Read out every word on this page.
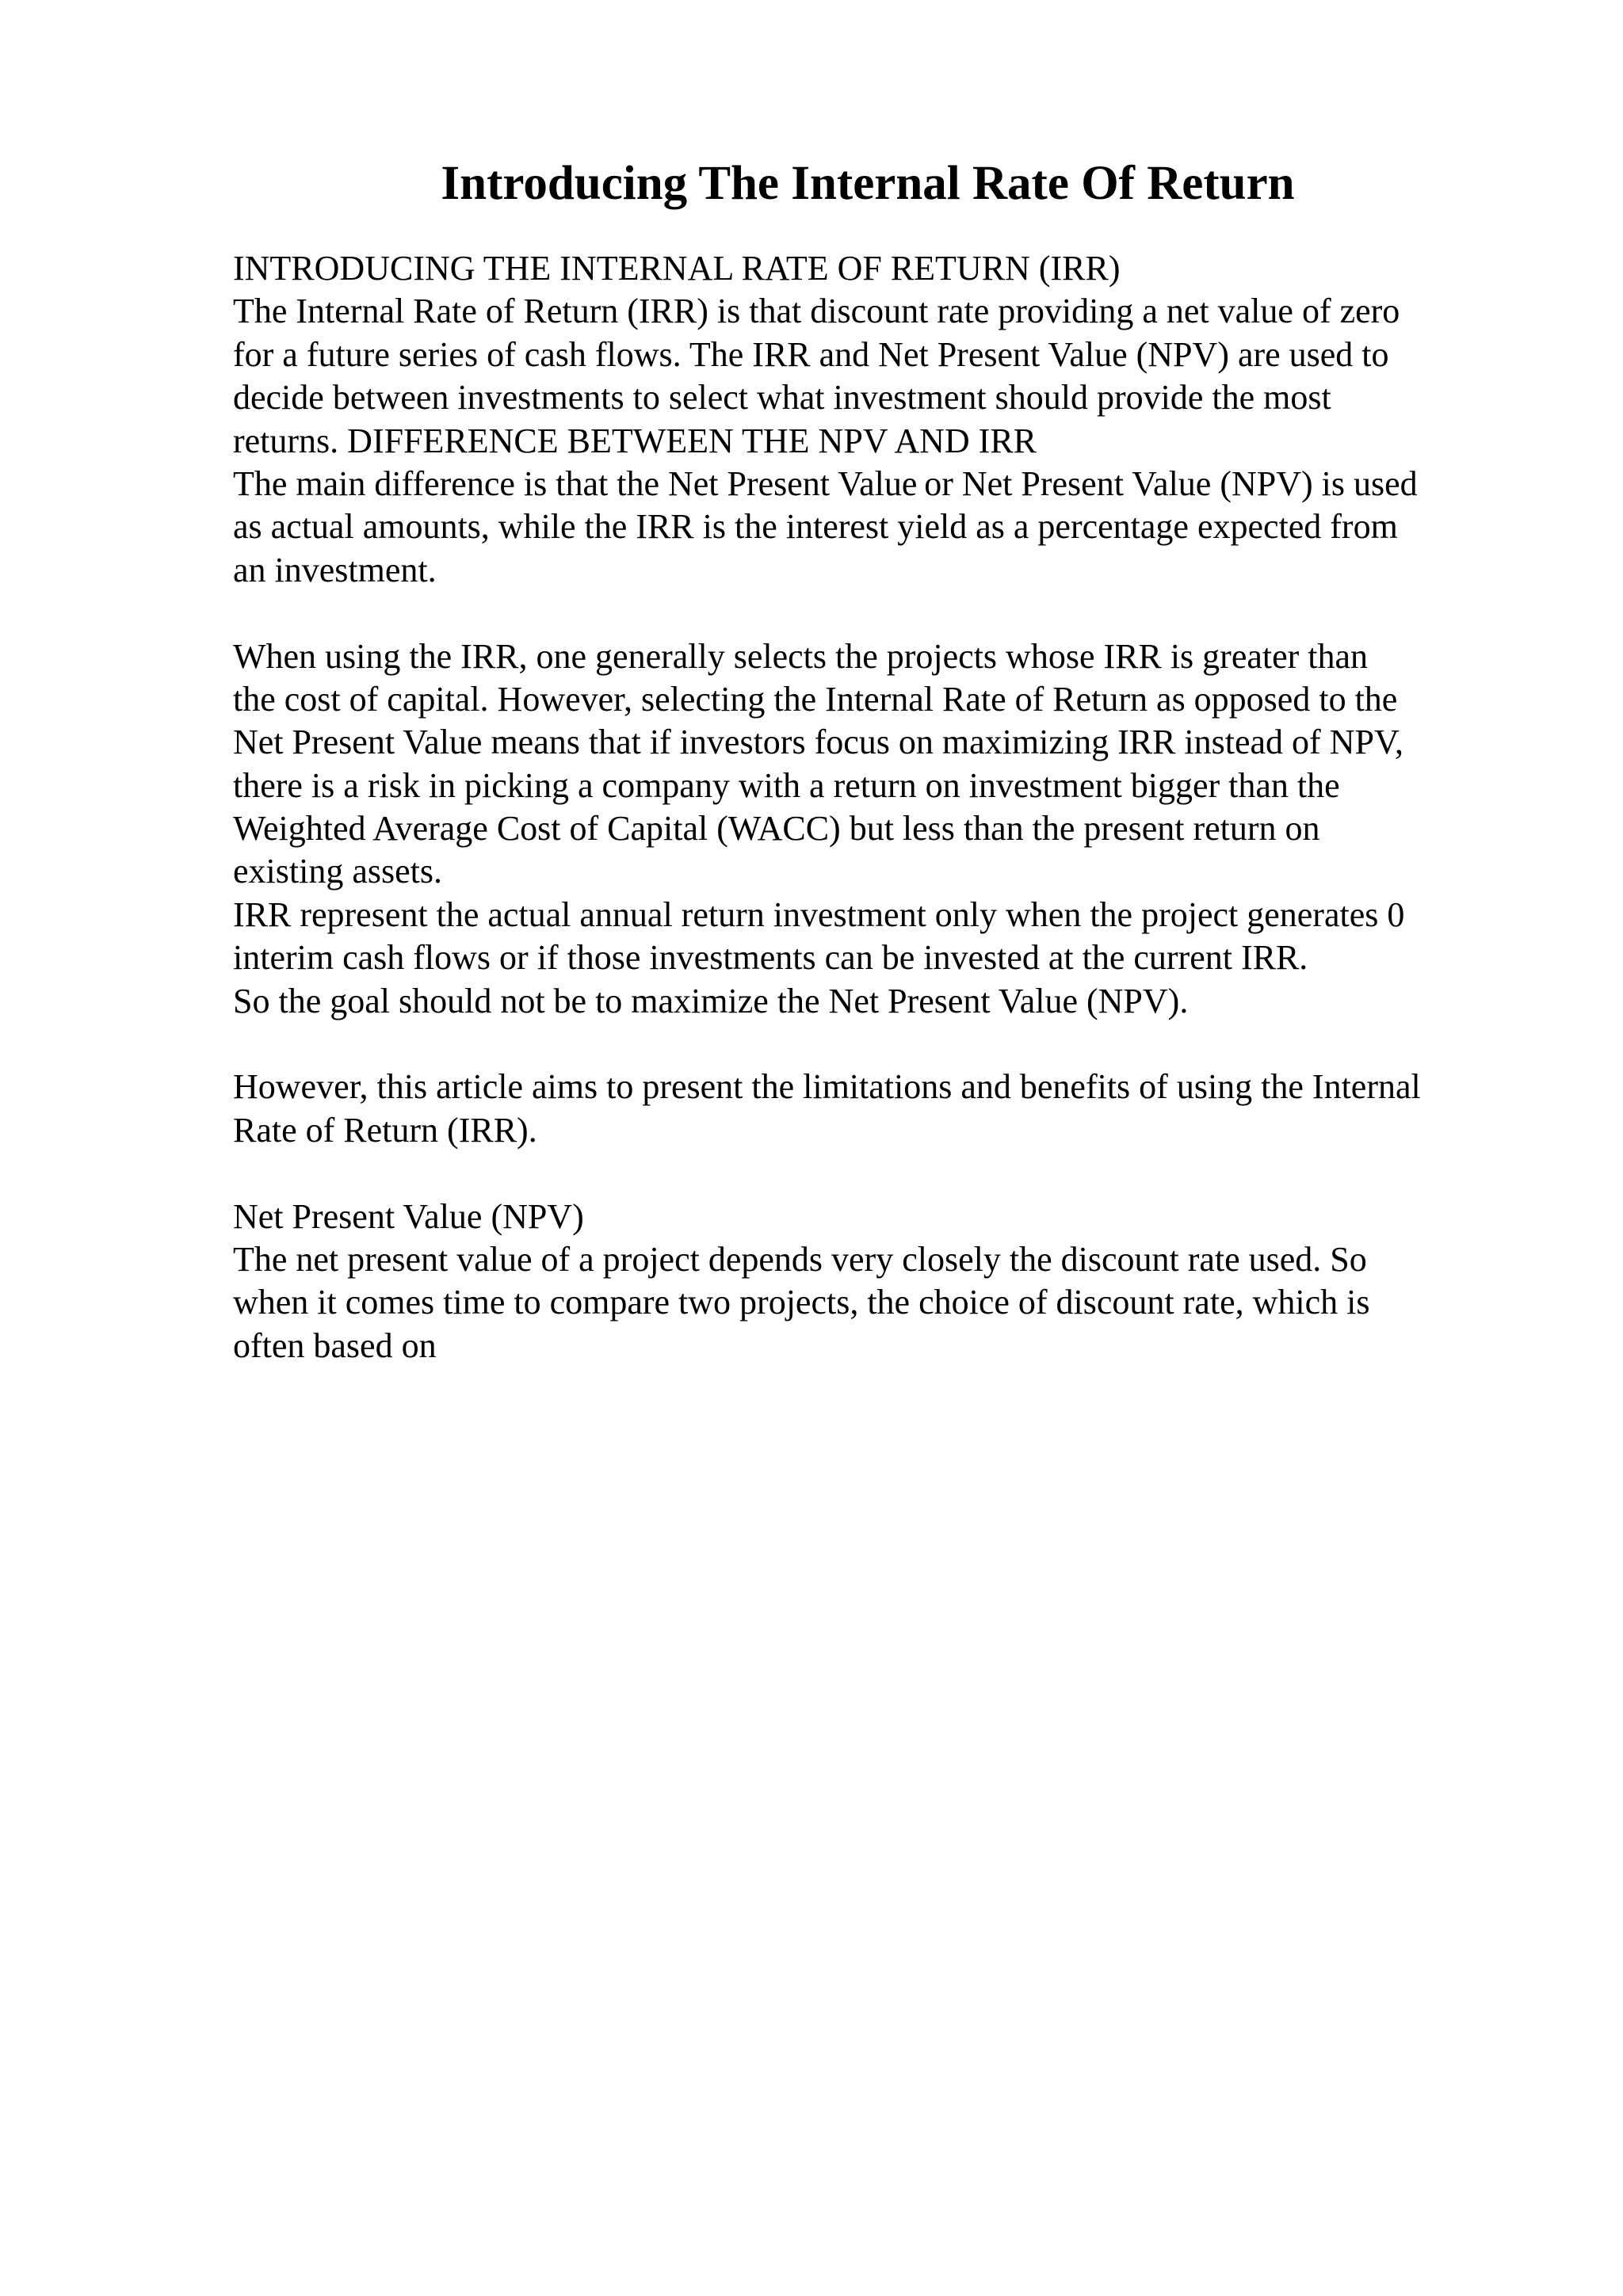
Introducing The Internal Rate Of Return
INTRODUCING THE INTERNAL RATE OF RETURN (IRR)
The Internal Rate of Return (IRR) is that discount rate providing a net value of zero
for a future series of cash flows. The IRR and Net Present Value (NPV) are used to
decide between investments to select what investment should provide the most
returns. DIFFERENCE BETWEEN THE NPV AND IRR
The main difference is that the Net Present Value or Net Present Value (NPV) is used
as actual amounts, while the IRR is the interest yield as a percentage expected from
an investment.
When using the IRR, one generally selects the projects whose IRR is greater than
the cost of capital. However, selecting the Internal Rate of Return as opposed to the
Net Present Value means that if investors focus on maximizing IRR instead of NPV,
there is a risk in picking a company with a return on investment bigger than the
Weighted Average Cost of Capital (WACC) but less than the present return on
existing assets.
IRR represent the actual annual return investment only when the project generates 0
interim cash flows or if those investments can be invested at the current IRR.
So the goal should not be to maximize the Net Present Value (NPV).
However, this article aims to present the limitations and benefits of using the Internal
Rate of Return (IRR).
Net Present Value (NPV)
The net present value of a project depends very closely the discount rate used. So
when it comes time to compare two projects, the choice of discount rate, which is
often based on
